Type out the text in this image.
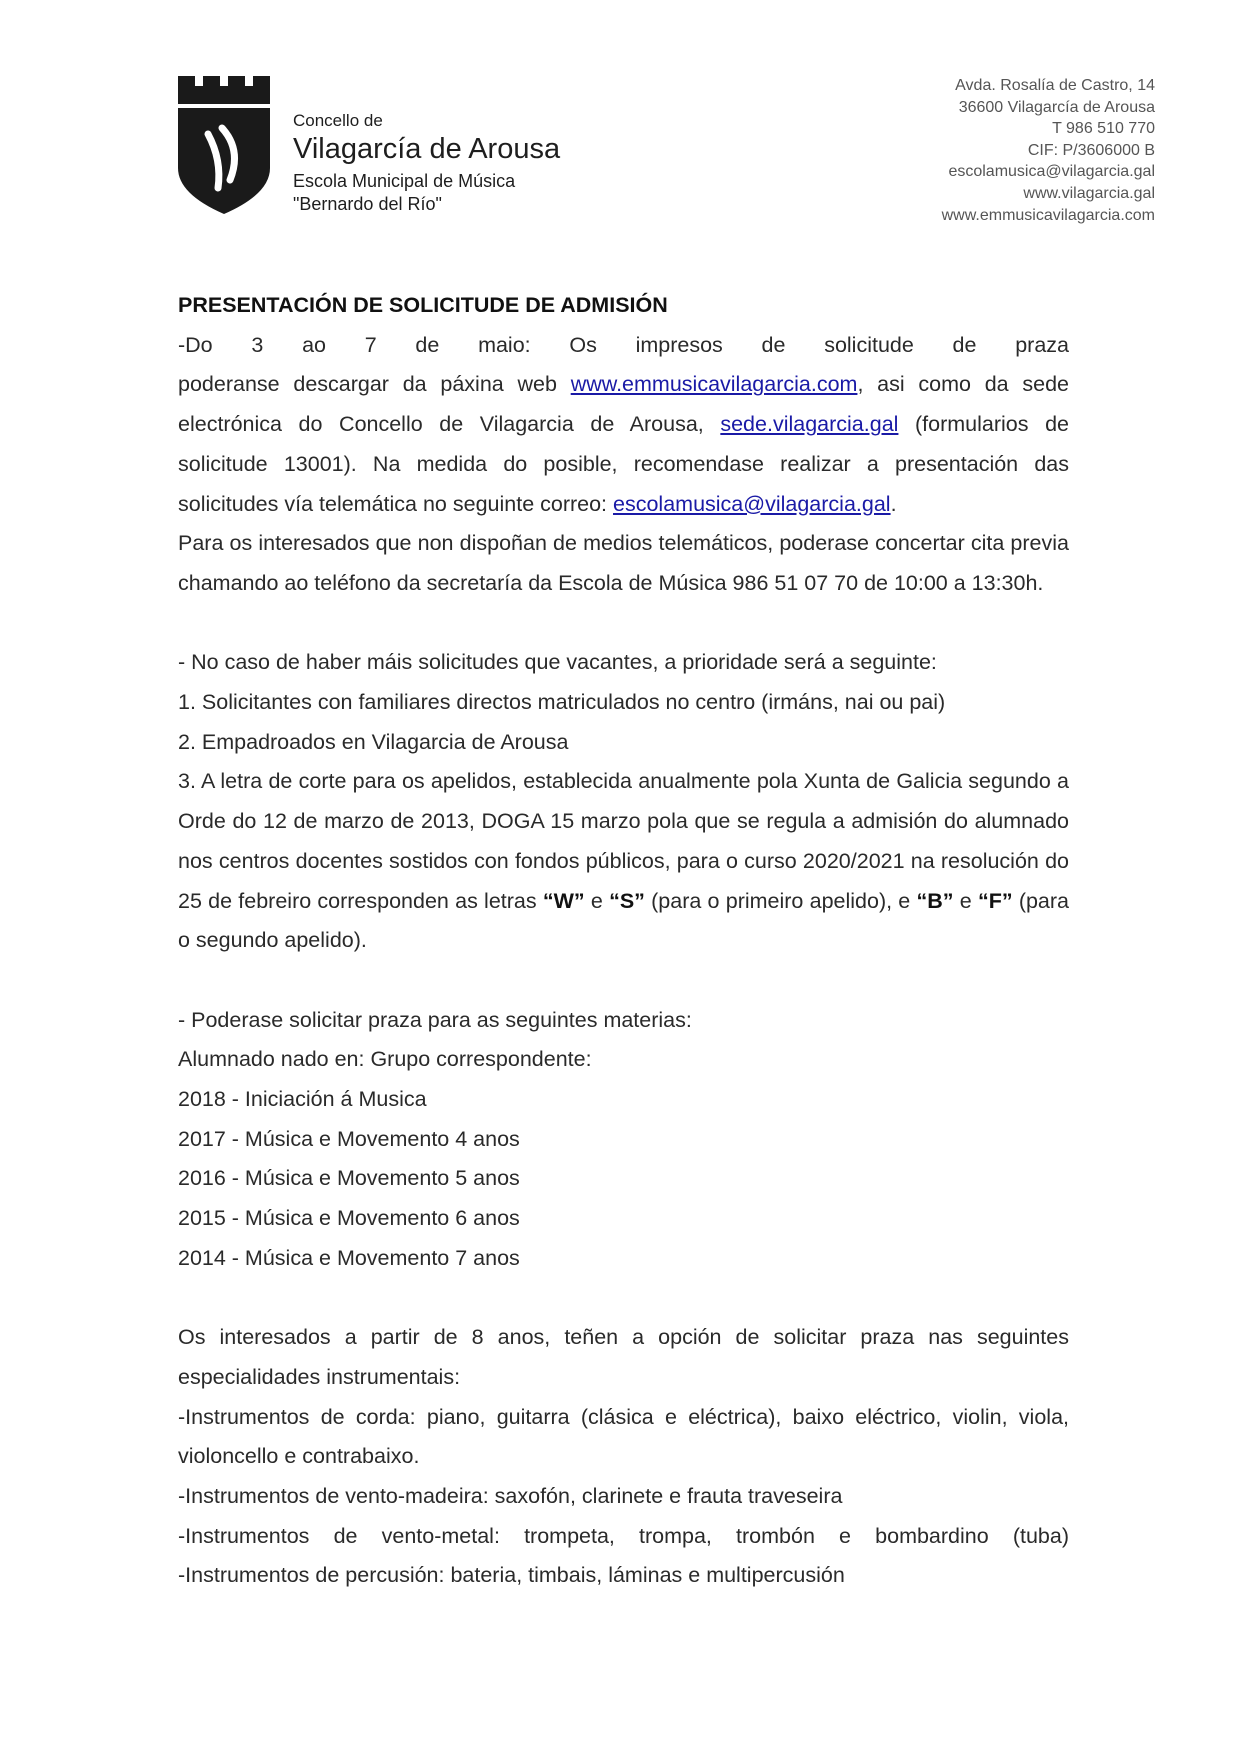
Concello de
Vilagarcía de Arousa
Escola Municipal de Música
"Bernardo del Río"
Avda. Rosalía de Castro, 14
36600 Vilagarcía de Arousa
T 986 510 770
CIF: P/3606000 B
escolamusica@vilagarcia.gal
www.vilagarcia.gal
www.emmusicavilagarcia.com

PRESENTACIÓN DE SOLICITUDE DE ADMISIÓN

-Do 3 ao 7 de maio: Os impresos de solicitude de praza

poderanse descargar da páxina web www.emmusicavilagarcia.com, asi como da sede electrónica do Concello de Vilagarcia de Arousa, sede.vilagarcia.gal (formularios de solicitude 13001). Na medida do posible, recomendase realizar a presentación das solicitudes vía telemática no seguinte correo: escolamusica@vilagarcia.gal.

Para os interesados que non dispoñan de medios telemáticos, poderase concertar cita previa chamando ao teléfono da secretaría da Escola de Música 986 51 07 70 de 10:00 a 13:30h.

- No caso de haber máis solicitudes que vacantes, a prioridade será a seguinte:

1. Solicitantes con familiares directos matriculados no centro (irmáns, nai ou pai)

2. Empadroados en Vilagarcia de Arousa

3. A letra de corte para os apelidos, establecida anualmente pola Xunta de Galicia segundo a Orde do 12 de marzo de 2013, DOGA 15 marzo pola que se regula a admisión do alumnado nos centros docentes sostidos con fondos públicos, para o curso 2020/2021 na resolución do 25 de febreiro corresponden as letras “W” e “S” (para o primeiro apelido), e “B” e “F” (para o segundo apelido).

- Poderase solicitar praza para as seguintes materias:

Alumnado nado en: Grupo correspondente:

2018 - Iniciación á Musica

2017 - Música e Movemento 4 anos

2016 - Música e Movemento 5 anos

2015 - Música e Movemento 6 anos

2014 - Música e Movemento 7 anos

Os interesados a partir de 8 anos, teñen a opción de solicitar praza nas seguintes especialidades instrumentais:

-Instrumentos de corda: piano, guitarra (clásica e eléctrica), baixo eléctrico, violin, viola, violoncello e contrabaixo.

-Instrumentos de vento-madeira: saxofón, clarinete e frauta traveseira

-Instrumentos de vento-metal: trompeta, trompa, trombón e bombardino (tuba)

-Instrumentos de percusión: bateria, timbais, láminas e multipercusión
